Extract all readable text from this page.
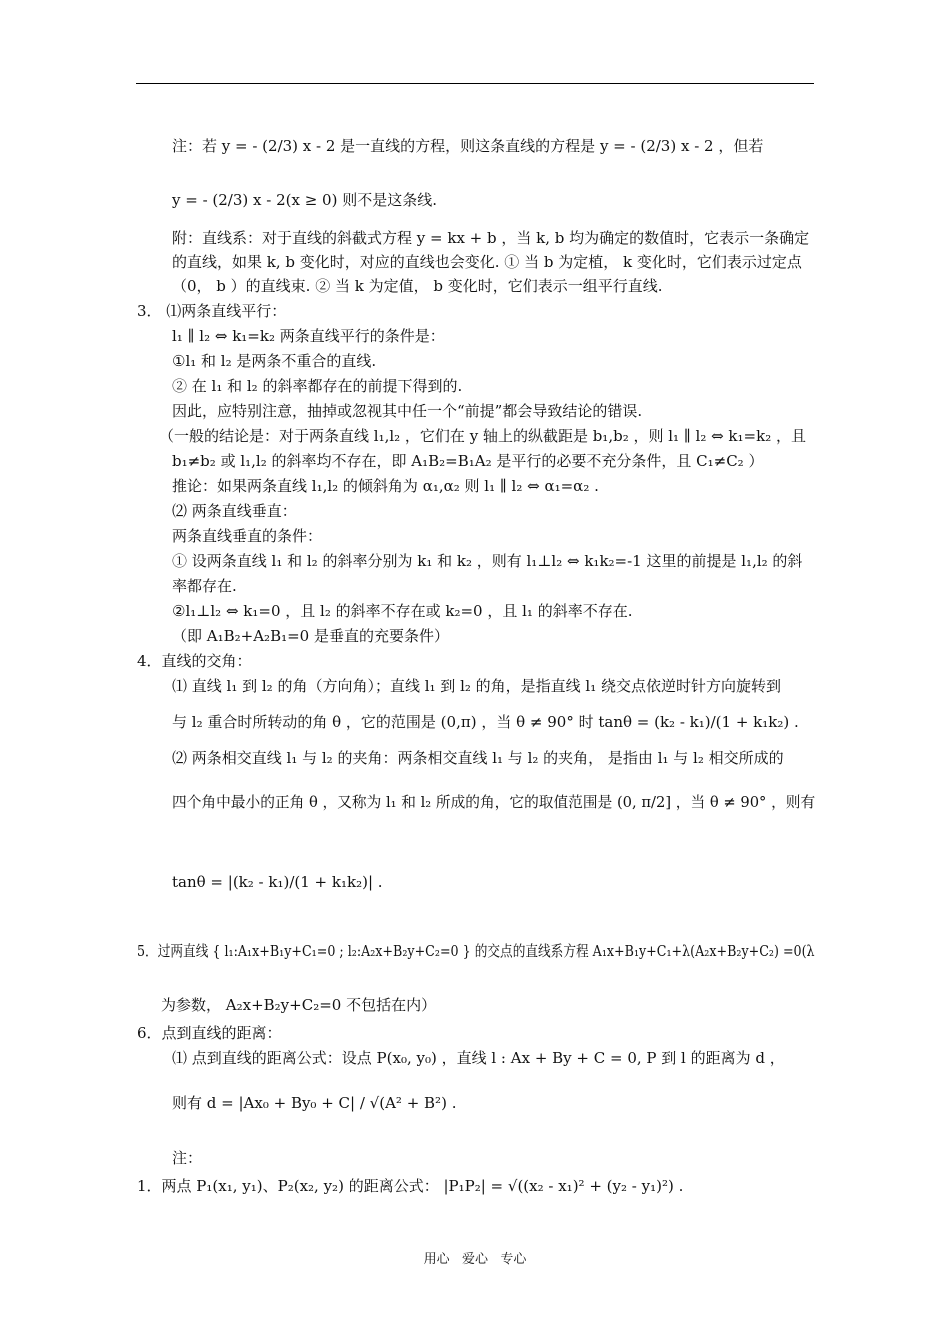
注：若 y = - (2/3) x - 2 是一直线的方程，则这条直线的方程是 y = - (2/3) x - 2 ，但若
y = - (2/3) x - 2(x ≥ 0) 则不是这条线.
附：直线系：对于直线的斜截式方程 y = kx + b ，当 k, b 均为确定的数值时，它表示一条确定
的直线，如果 k, b 变化时，对应的直线也会变化. ① 当 b 为定植， k 变化时，它们表示过定点
（0， b ）的直线束. ② 当 k 为定值， b 变化时，它们表示一组平行直线.
3． ⑴两条直线平行：
l₁ ∥ l₂ ⇔ k₁=k₂ 两条直线平行的条件是：
①l₁ 和 l₂ 是两条不重合的直线.
② 在 l₁ 和 l₂ 的斜率都存在的前提下得到的.
因此，应特别注意，抽掉或忽视其中任一个“前提”都会导致结论的错误.
（一般的结论是：对于两条直线 l₁,l₂ ，它们在 y 轴上的纵截距是 b₁,b₂ ，则 l₁ ∥ l₂ ⇔ k₁=k₂ ，且
b₁≠b₂ 或 l₁,l₂ 的斜率均不存在，即 A₁B₂=B₁A₂ 是平行的必要不充分条件，且 C₁≠C₂ ）
推论：如果两条直线 l₁,l₂ 的倾斜角为 α₁,α₂ 则 l₁ ∥ l₂ ⇔ α₁=α₂ .
⑵ 两条直线垂直：
两条直线垂直的条件：
① 设两条直线 l₁ 和 l₂ 的斜率分别为 k₁ 和 k₂ ，则有 l₁⊥l₂ ⇔ k₁k₂=-1 这里的前提是 l₁,l₂ 的斜
率都存在.
②l₁⊥l₂ ⇔ k₁=0 ，且 l₂ 的斜率不存在或 k₂=0 ，且 l₁ 的斜率不存在.
（即 A₁B₂+A₂B₁=0 是垂直的充要条件）
4．直线的交角：
⑴ 直线 l₁ 到 l₂ 的角（方向角）；直线 l₁ 到 l₂ 的角，是指直线 l₁ 绕交点依逆时针方向旋转到
与 l₂ 重合时所转动的角 θ ，它的范围是 (0,π) ，当 θ ≠ 90° 时 tanθ = (k₂ - k₁)/(1 + k₁k₂) .
⑵ 两条相交直线 l₁ 与 l₂ 的夹角：两条相交直线 l₁ 与 l₂ 的夹角， 是指由 l₁ 与 l₂ 相交所成的
四个角中最小的正角 θ ，又称为 l₁ 和 l₂ 所成的角，它的取值范围是 (0, π/2] ，当 θ ≠ 90° ，则有
tanθ = |(k₂ - k₁)/(1 + k₁k₂)| .
5．过两直线 { l₁:A₁x+B₁y+C₁=0 ; l₂:A₂x+B₂y+C₂=0 } 的交点的直线系方程 A₁x+B₁y+C₁+λ(A₂x+B₂y+C₂) =0(λ
为参数， A₂x+B₂y+C₂=0 不包括在内）
6．点到直线的距离：
⑴ 点到直线的距离公式：设点 P(x₀, y₀) ，直线 l : Ax + By + C = 0, P 到 l 的距离为 d ，
则有 d = |Ax₀ + By₀ + C| / √(A² + B²) .
注：
1．两点 P₁(x₁, y₁)、P₂(x₂, y₂) 的距离公式： |P₁P₂| = √((x₂ - x₁)² + (y₂ - y₁)²) .
用心   爱心   专心
